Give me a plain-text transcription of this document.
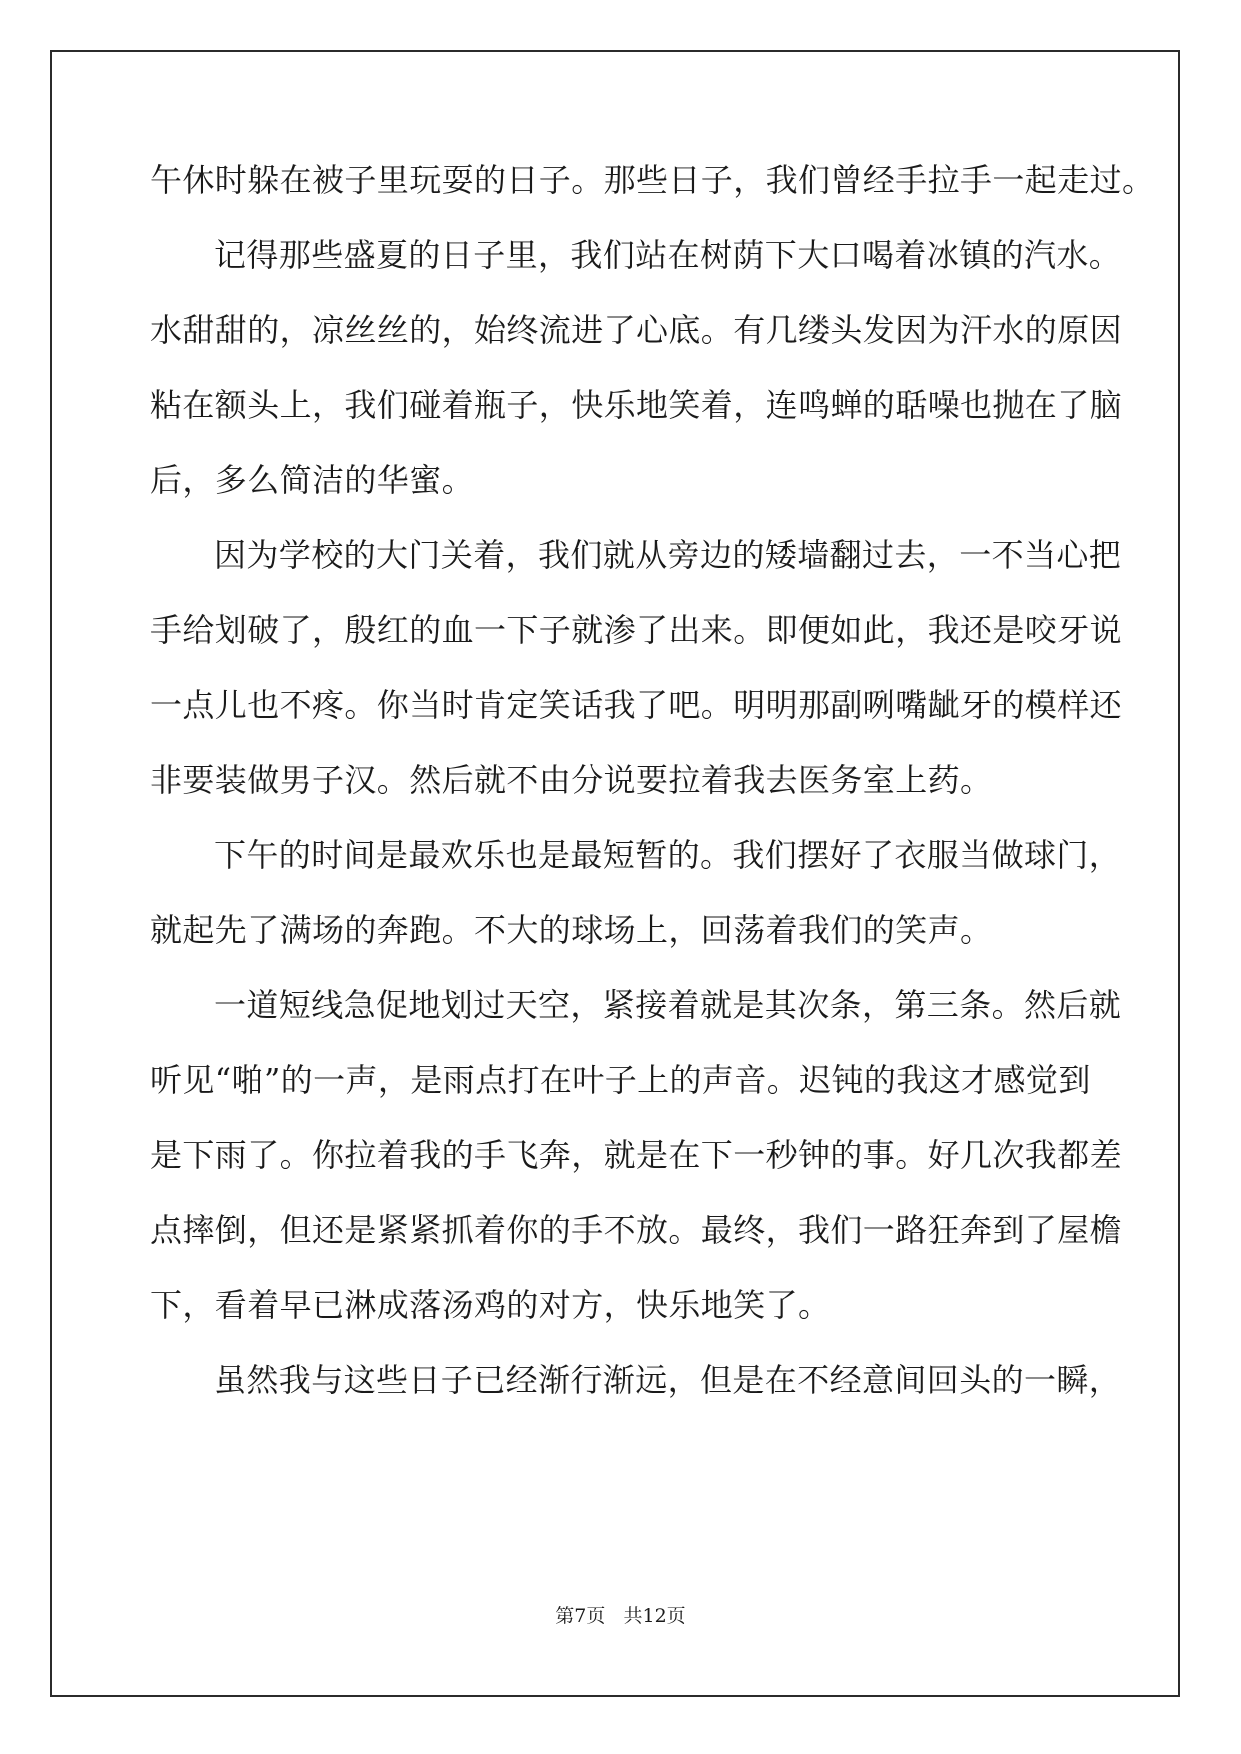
午休时躲在被子里玩耍的日子。那些日子，我们曾经手拉手一起走过。
记得那些盛夏的日子里，我们站在树荫下大口喝着冰镇的汽水。
水甜甜的，凉丝丝的，始终流进了心底。有几缕头发因为汗水的原因
粘在额头上，我们碰着瓶子，快乐地笑着，连鸣蝉的聒噪也抛在了脑
后，多么简洁的华蜜。
因为学校的大门关着，我们就从旁边的矮墙翻过去，一不当心把
手给划破了，殷红的血一下子就渗了出来。即便如此，我还是咬牙说
一点儿也不疼。你当时肯定笑话我了吧。明明那副咧嘴龇牙的模样还
非要装做男子汉。然后就不由分说要拉着我去医务室上药。
下午的时间是最欢乐也是最短暂的。我们摆好了衣服当做球门，
就起先了满场的奔跑。不大的球场上，回荡着我们的笑声。
一道短线急促地划过天空，紧接着就是其次条，第三条。然后就
听见“啪”的一声，是雨点打在叶子上的声音。迟钝的我这才感觉到
是下雨了。你拉着我的手飞奔，就是在下一秒钟的事。好几次我都差
点摔倒，但还是紧紧抓着你的手不放。最终，我们一路狂奔到了屋檐
下，看着早已淋成落汤鸡的对方，快乐地笑了。
虽然我与这些日子已经渐行渐远，但是在不经意间回头的一瞬，
第7页   共12页
